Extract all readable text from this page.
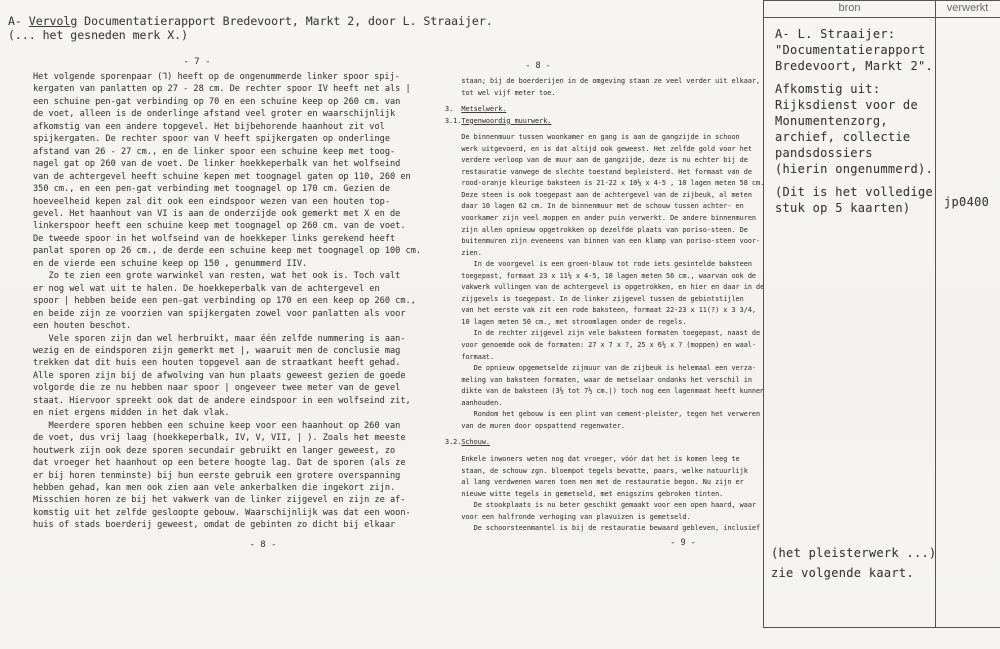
A- Vervolg Documentatierapport Bredevoort, Markt 2, door L. Straaijer.
(... het gesneden merk X.)
- 7 -
Het volgende sporenpaar (⅂) heeft op de ongenummerde linker spoor spij-
kergaten van panlatten op 27 - 28 cm. De rechter spoor IV heeft net als |
een schuine pen-gat verbinding op 70 en een schuine keep op 260 cm. van
de voet, alleen is de onderlinge afstand veel groter en waarschijnlijk
afkomstig van een andere topgevel. Het bijbehorende haanhout zit vol
spijkergaten. De rechter spoor van V heeft spijkergaten op onderlinge
afstand van 26 - 27 cm., en de linker spoor een schuine keep met toog-
nagel gat op 260 van de voet. De linker hoekkeperbalk van het wolfseind
van de achtergevel heeft schuine kepen met toognagel gaten op 110, 260 en
350 cm., en een pen-gat verbinding met toognagel op 170 cm. Gezien de
hoeveelheid kepen zal dit ook een eindspoor wezen van een houten top-
gevel. Het haanhout van VI is aan de onderzijde ook gemerkt met X en de
linkerspoor heeft een schuine keep met toognagel op 260 cm. van de voet.
De tweede spoor in het wolfseind van de hoekkeper links gerekend heeft
panlat sporen op 26 cm., de derde een schuine keep met toognagel op 100 cm.
en de vierde een schuine keep op 150 , genummerd IIV.
Zo te zien een grote warwinkel van resten, wat het ook is. Toch valt
er nog wel wat uit te halen. De hoekkeperbalk van de achtergevel en
spoor | hebben beide een pen-gat verbinding op 170 en een keep op 260 cm.,
en beide zijn ze voorzien van spijkergaten zowel voor panlatten als voor
een houten beschot.
Vele sporen zijn dan wel herbruikt, maar één zelfde nummering is aan-
wezig en de eindsporen zijn gemerkt met |, waaruit men de conclusie mag
trekken dat dit huis een houten topgevel aan de straatkant heeft gehad.
Alle sporen zijn bij de afwolving van hun plaats geweest gezien de goede
volgorde die ze nu hebben naar spoor | ongeveer twee meter van de gevel
staat. Hiervoor spreekt ook dat de andere eindspoor in een wolfseind zit,
en niet ergens midden in het dak vlak.
Meerdere sporen hebben een schuine keep voor een haanhout op 260 van
de voet, dus vrij laag (hoekkeperbalk, IV, V, VII, | ). Zoals het meeste
houtwerk zijn ook deze sporen secundair gebruikt en langer geweest, zo
dat vroeger het haanhout op een betere hoogte lag. Dat de sporen (als ze
er bij horen tenminste) bij hun eerste gebruik een grotere overspanning
hebben gehad, kan men ook zien aan vele ankerbalken die ingekort zijn.
Misschien horen ze bij het vakwerk van de linker zijgevel en zijn ze af-
komstig uit het zelfde gesloopte gebouw. Waarschijnlijk was dat een woon-
huis of stads boerderij geweest, omdat de gebinten zo dicht bij elkaar
- 8 -
- 8 -
staan; bij de boerderijen in de omgeving staan ze veel verder uit elkaar,
tot wel vijf meter toe.

3.  Metselwerk.
3.1.Tegenwoordig muurwerk.

De binnenmuur tussen woonkamer en gang is aan de gangzijde in schoon
werk uitgevoerd, en is dat altijd ook geweest. Het zelfde gold voor het
verdere verloop van de muur aan de gangzijde, deze is nu echter bij de
restauratie vanwege de slechte toestand bepleisterd. Het formaat van de
rood-oranje kleurige baksteen is 21-22 x 10½ x 4-5 , 10 lagen meten 58 cm.
Deze steen is ook toegepast aan de achtergevel van de zijbeuk, al meten
daar 10 lagen 62 cm. In de binnenmuur met de schouw tussen achter- en
voorkamer zijn veel moppen en ander puin verwerkt. De andere binnenmuren
zijn allen opnieuw opgetrokken op dezelfde plaats van poriso-steen. De
buitenmuren zijn eveneens van binnen van een klamp van poriso-steen voor-
zien.
In de voorgevel is een groen-blauw tot rode iets gesintelde baksteen
toegepast, formaat 23 x 11½ x 4-5, 10 lagen meten 56 cm., waarvan ook de
vakwerk vullingen van de achtergevel is opgetrokken, en hier en daar in de
zijgevels is toegepast. In de linker zijgevel tussen de gebintstijlen
van het eerste vak zit een rode baksteen, formaat 22-23 x 11(?) x 3 3/4,
10 lagen meten 50 cm., met stroomlagen onder de regels.
In de rechter zijgevel zijn vele baksteen formaten toegepast, naast de
voor genoemde ook de formaten: 27 x 7 x ?, 25 x 6½ x ? (moppen) en waal-
formaat.
De opnieuw opgemetselde zijmuur van de zijbeuk is helemaal een verza-
meling van baksteen formaten, waar de metselaar ondanks het verschil in
dikte van de baksteen (3½ tot 7½ cm.|) toch nog een lagenmaat heeft kunnen
aanhouden.
Rondom het gebouw is een plint van cement-pleister, tegen het verweren
van de muren door opspattend regenwater.

3.2.Schouw.

Enkele inwoners weten nog dat vroeger, vóór dat het is komen leeg te
staan, de schouw zgn. bloempot tegels bevatte, paars, welke natuurlijk
al lang verdwenen waren toen men met de restauratie begon. Nu zijn er
nieuwe witte tegels in gemetseld, met enigszins gebroken tinten.
De stookplaats is nu beter geschikt gemaakt voor een open haard, waar
voor een halfronde verhoging van plavuizen is gemetseld.
De schoorsteenmantel is bij de restauratie bewaard gebleven, inclusief
- 9 -
bron	verwerkt
A- L. Straaijer:
"Documentatierapport
Bredevoort, Markt 2".

Afkomstig uit:
Rijksdienst voor de
Monumentenzorg,
archief, collectie
pandsdossiers
(hierin ongenummerd).

(Dit is het volledige
stuk op 5 kaarten)	jp0400
(het pleisterwerk ...)
zie volgende kaart.
